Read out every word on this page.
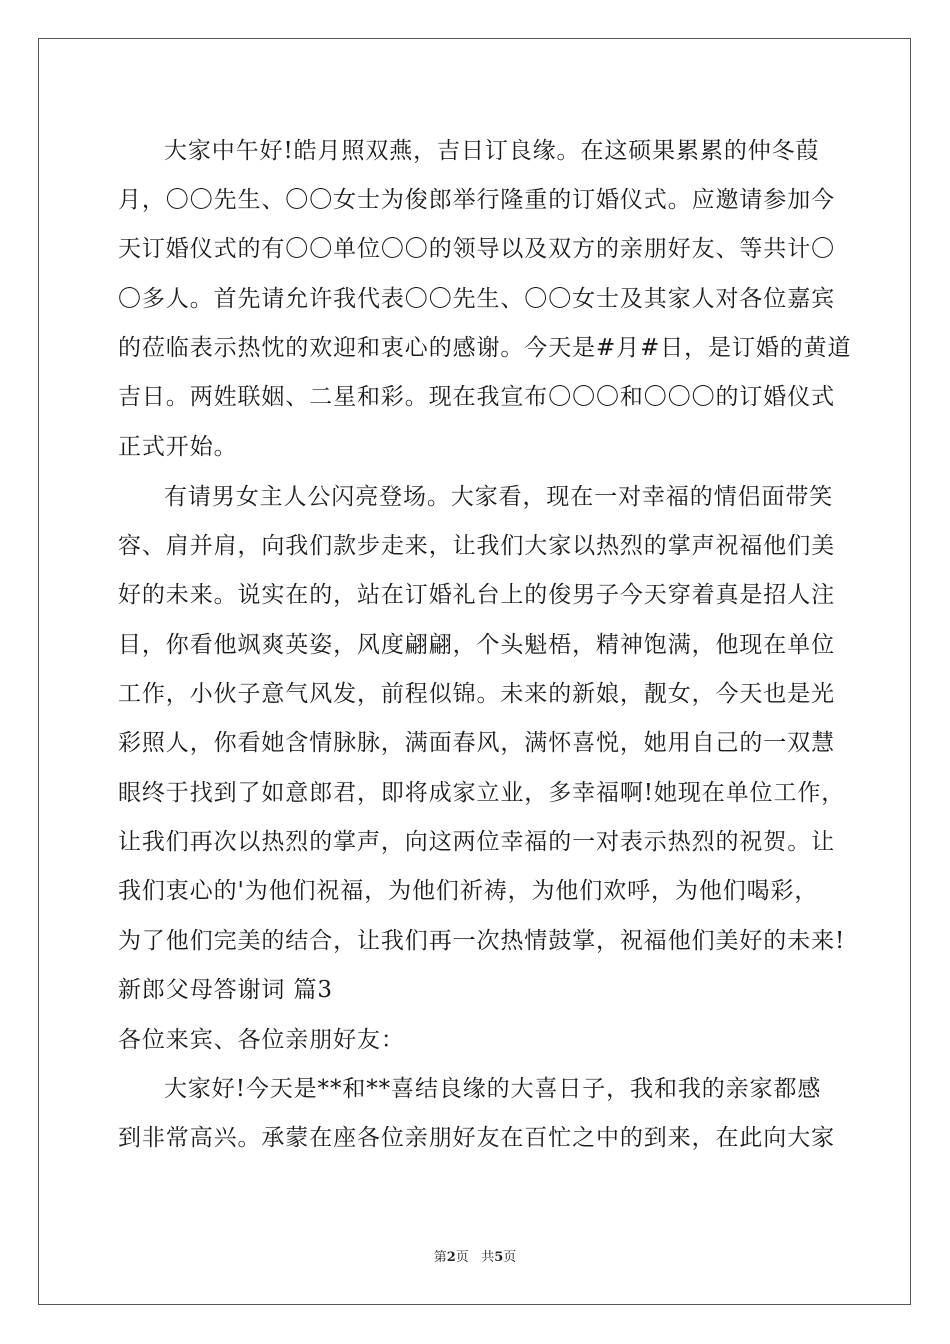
大家中午好!皓月照双燕，吉日订良缘。在这硕果累累的仲冬葭
月，〇〇先生、〇〇女士为俊郎举行隆重的订婚仪式。应邀请参加今
天订婚仪式的有〇〇单位〇〇的领导以及双方的亲朋好友、等共计〇
〇多人。首先请允许我代表〇〇先生、〇〇女士及其家人对各位嘉宾
的莅临表示热忱的欢迎和衷心的感谢。今天是#月#日，是订婚的黄道
吉日。两姓联姻、二星和彩。现在我宣布〇〇〇和〇〇〇的订婚仪式
正式开始。
有请男女主人公闪亮登场。大家看，现在一对幸福的情侣面带笑
容、肩并肩，向我们款步走来，让我们大家以热烈的掌声祝福他们美
好的未来。说实在的，站在订婚礼台上的俊男子今天穿着真是招人注
目，你看他飒爽英姿，风度翩翩，个头魁梧，精神饱满，他现在单位
工作，小伙子意气风发，前程似锦。未来的新娘，靓女，今天也是光
彩照人，你看她含情脉脉，满面春风，满怀喜悦，她用自己的一双慧
眼终于找到了如意郎君，即将成家立业，多幸福啊!她现在单位工作，
让我们再次以热烈的掌声，向这两位幸福的一对表示热烈的祝贺。让
我们衷心的'为他们祝福，为他们祈祷，为他们欢呼，为他们喝彩，
为了他们完美的结合，让我们再一次热情鼓掌，祝福他们美好的未来!
新郎父母答谢词 篇3
各位来宾、各位亲朋好友：
大家好!今天是**和**喜结良缘的大喜日子，我和我的亲家都感
到非常高兴。承蒙在座各位亲朋好友在百忙之中的到来，在此向大家
第2页 共5页
